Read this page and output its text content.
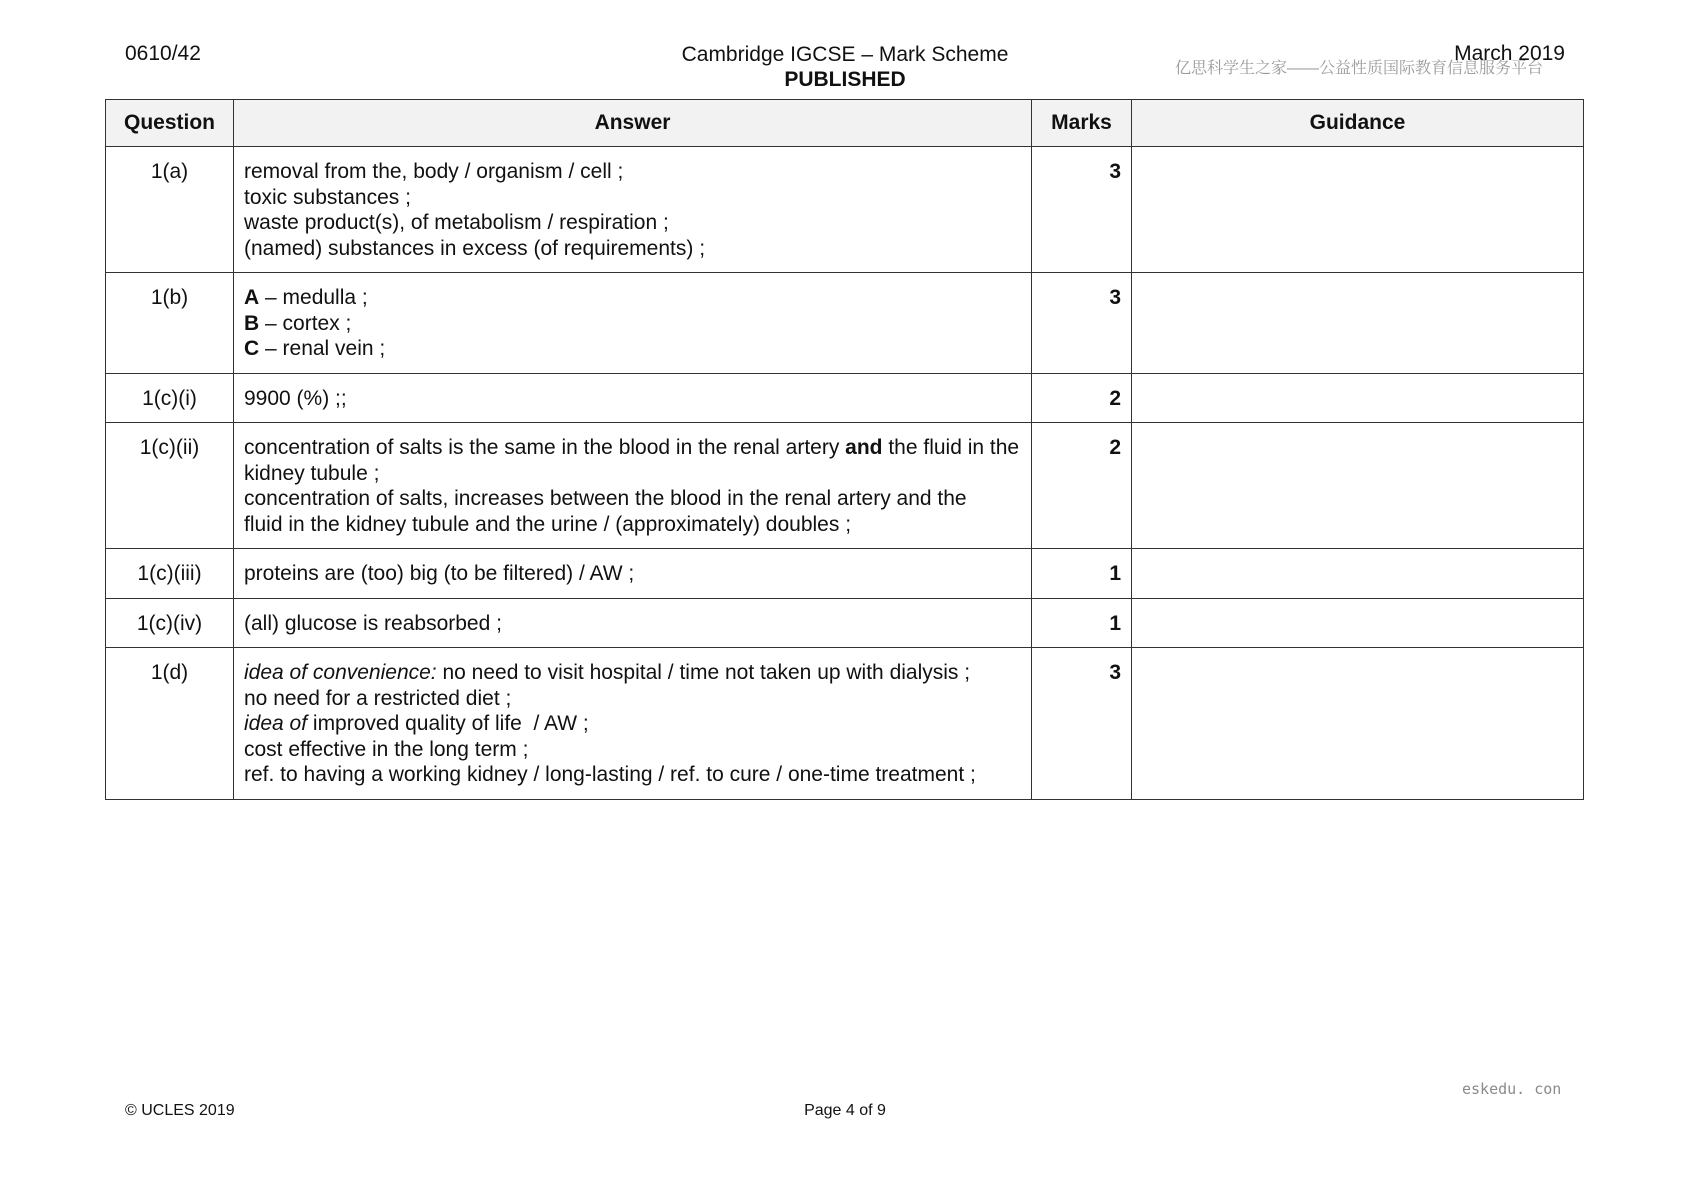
0610/42	Cambridge IGCSE – Mark Scheme
PUBLISHED	亿思科学生之家——公益性质国际教育信息服务平台
March 2019
Question	Answer	Marks	Guidance
1(a)	removal from the, body / organism / cell ;
toxic substances ;
waste product(s), of metabolism / respiration ;
(named) substances in excess (of requirements) ;	3	
1(b)	A – medulla ;
B – cortex ;
C – renal vein ;	3	
1(c)(i)	9900 (%) ;;	2	
1(c)(ii)	concentration of salts is the same in the blood in the renal artery and the fluid in the kidney tubule ;
concentration of salts, increases between the blood in the renal artery and the fluid in the kidney tubule and the urine / (approximately) doubles ;	2	
1(c)(iii)	proteins are (too) big (to be filtered) / AW ;	1	
1(c)(iv)	(all) glucose is reabsorbed ;	1	
1(d)	idea of convenience: no need to visit hospital / time not taken up with dialysis ;
no need for a restricted diet ;
idea of improved quality of life  / AW ;
cost effective in the long term ;
ref. to having a working kidney / long-lasting / ref. to cure / one-time treatment ;	3	
eskedu. con
© UCLES 2019	Page 4 of 9
